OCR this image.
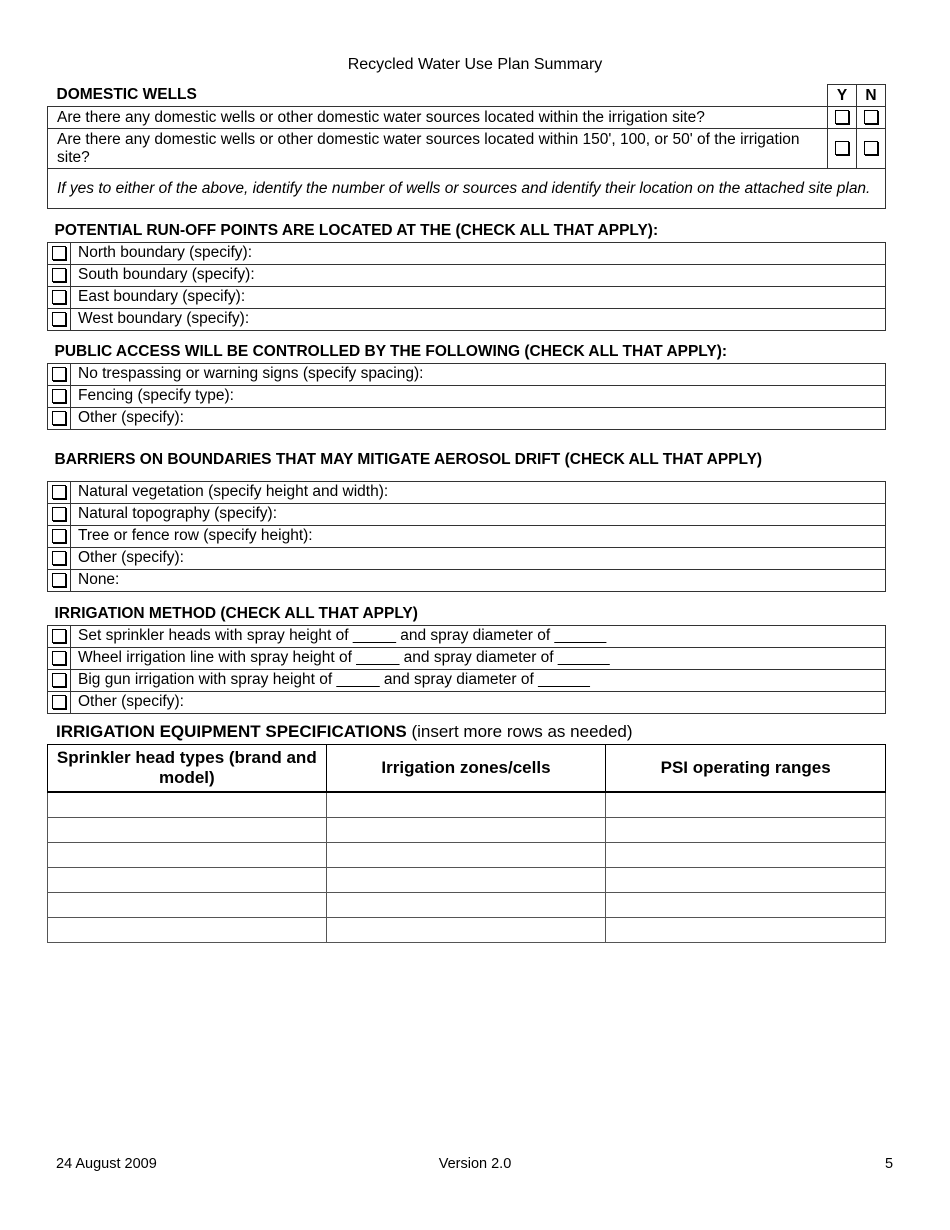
Recycled Water Use Plan Summary
DOMESTIC WELLS	Y	N
Are there any domestic wells or other domestic water sources located within the irrigation site?		
Are there any domestic wells or other domestic water sources located within 150', 100, or 50' of the irrigation site?		
If yes to either of the above, identify the number of wells or sources and identify their location on the attached site plan.		
POTENTIAL RUN-OFF POINTS ARE LOCATED AT THE (CHECK ALL THAT APPLY):	
	North boundary (specify):
	South boundary (specify):
	East boundary (specify):
	West boundary (specify):
PUBLIC ACCESS WILL BE CONTROLLED BY THE FOLLOWING (CHECK ALL THAT APPLY):	
	No trespassing or warning signs (specify spacing):
	Fencing (specify type):
	Other (specify):
BARRIERS ON BOUNDARIES THAT MAY MITIGATE AEROSOL DRIFT (CHECK ALL THAT APPLY)	
	Natural vegetation (specify height and width):
	Natural topography (specify):
	Tree or fence row (specify height):
	Other (specify):
	None:
IRRIGATION METHOD (CHECK ALL THAT APPLY)	
	Set sprinkler heads with spray height of _____ and spray diameter of ______
	Wheel irrigation line with spray height of _____ and spray diameter of ______
	Big gun irrigation with spray height of _____ and spray diameter of ______
	Other (specify):
IRRIGATION EQUIPMENT SPECIFICATIONS (insert more rows as needed)
Sprinkler head types (brand and model)	Irrigation zones/cells	PSI operating ranges

24 August 2009	Version 2.0	5
